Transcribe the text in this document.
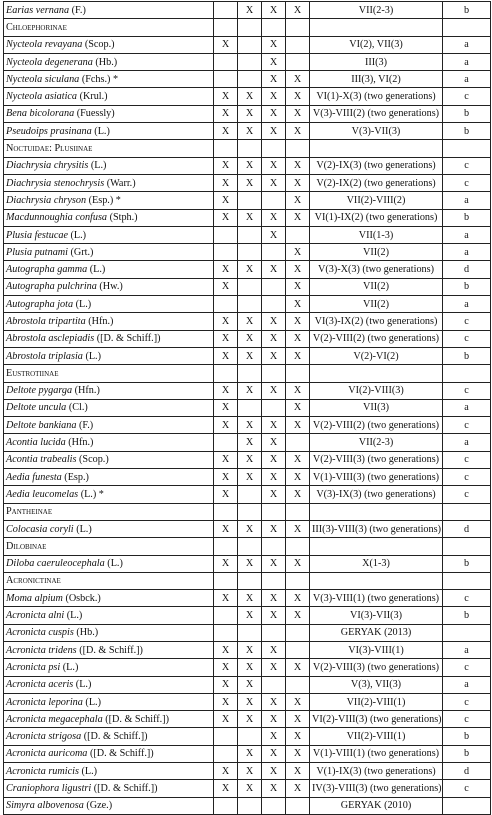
Earias vernana (F.)		X	X	X	VII(2-3)	b
Chloephorinae						
Nycteola revayana (Scop.)	X		X		VI(2), VII(3)	a
Nycteola degenerana (Hb.)			X		III(3)	a
Nycteola siculana (Fchs.) *			X	X	III(3), VI(2)	a
Nycteola asiatica (Krul.)	X	X	X	X	VI(1)-X(3) (two generations)	c
Bena bicolorana (Fuessly)	X	X	X	X	V(3)-VIII(2) (two generations)	b
Pseudoips prasinana (L.)	X	X	X	X	V(3)-VII(3)	b
Noctuidae: Plusiinae						
Diachrysia chrysitis (L.)	X	X	X	X	V(2)-IX(3) (two generations)	c
Diachrysia stenochrysis (Warr.)	X	X	X	X	V(2)-IX(2) (two generations)	c
Diachrysia chryson (Esp.) *	X			X	VII(2)-VIII(2)	a
Macdunnoughia confusa (Stph.)	X	X	X	X	VI(1)-IX(2) (two generations)	b
Plusia festucae (L.)			X		VII(1-3)	a
Plusia putnami (Grt.)				X	VII(2)	a
Autographa gamma (L.)	X	X	X	X	V(3)-X(3) (two generations)	d
Autographa pulchrina (Hw.)	X			X	VII(2)	b
Autographa jota (L.)				X	VII(2)	a
Abrostola tripartita (Hfn.)	X	X	X	X	VI(3)-IX(2) (two generations)	c
Abrostola asclepiadis ([D. & Schiff.])	X	X	X	X	V(2)-VIII(2) (two generations)	c
Abrostola triplasia (L.)	X	X	X	X	V(2)-VI(2)	b
Eustrotiinae						
Deltote pygarga (Hfn.)	X	X	X	X	VI(2)-VIII(3)	c
Deltote uncula (Cl.)	X			X	VII(3)	a
Deltote bankiana (F.)	X	X	X	X	V(2)-VIII(2) (two generations)	c
Acontia lucida (Hfn.)		X	X		VII(2-3)	a
Acontia trabealis (Scop.)	X	X	X	X	V(2)-VIII(3) (two generations)	c
Aedia funesta (Esp.)	X	X	X	X	V(1)-VIII(3) (two generations)	c
Aedia leucomelas (L.) *	X		X	X	V(3)-IX(3) (two generations)	c
Pantheinae						
Colocasia coryli (L.)	X	X	X	X	III(3)-VIII(3) (two generations)	d
Dilobinae						
Diloba caeruleocephala (L.)	X	X	X	X	X(1-3)	b
Acronictinae						
Moma alpium (Osbck.)	X	X	X	X	V(3)-VIII(1) (two generations)	c
Acronicta alni (L.)		X	X	X	VI(3)-VII(3)	b
Acronicta cuspis (Hb.)					GERYAK (2013)	
Acronicta tridens ([D. & Schiff.])	X	X	X		VI(3)-VIII(1)	a
Acronicta psi (L.)	X	X	X	X	V(2)-VIII(3) (two generations)	c
Acronicta aceris (L.)	X	X			V(3), VII(3)	a
Acronicta leporina (L.)	X	X	X	X	VII(2)-VIII(1)	c
Acronicta megacephala ([D. & Schiff.])	X	X	X	X	VI(2)-VIII(3) (two generations)	c
Acronicta strigosa ([D. & Schiff.])			X	X	VII(2)-VIII(1)	b
Acronicta auricoma ([D. & Schiff.])		X	X	X	V(1)-VIII(1) (two generations)	b
Acronicta rumicis (L.)	X	X	X	X	V(1)-IX(3) (two generations)	d
Craniophora ligustri ([D. & Schiff.])	X	X	X	X	IV(3)-VIII(3) (two generations)	c
Simyra albovenosa (Gze.)					GERYAK (2010)	
